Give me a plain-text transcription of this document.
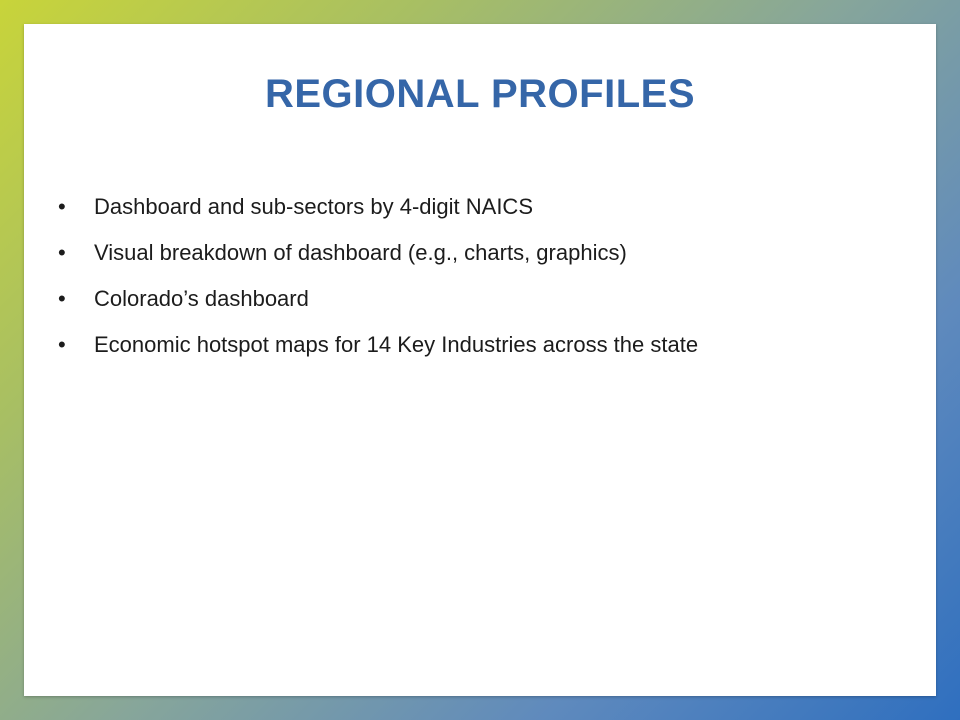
REGIONAL PROFILES
•	Dashboard and sub-sectors by 4-digit NAICS
•	Visual breakdown of dashboard (e.g., charts, graphics)
•	Colorado’s dashboard
•	Economic hotspot maps for 14 Key Industries across the state
